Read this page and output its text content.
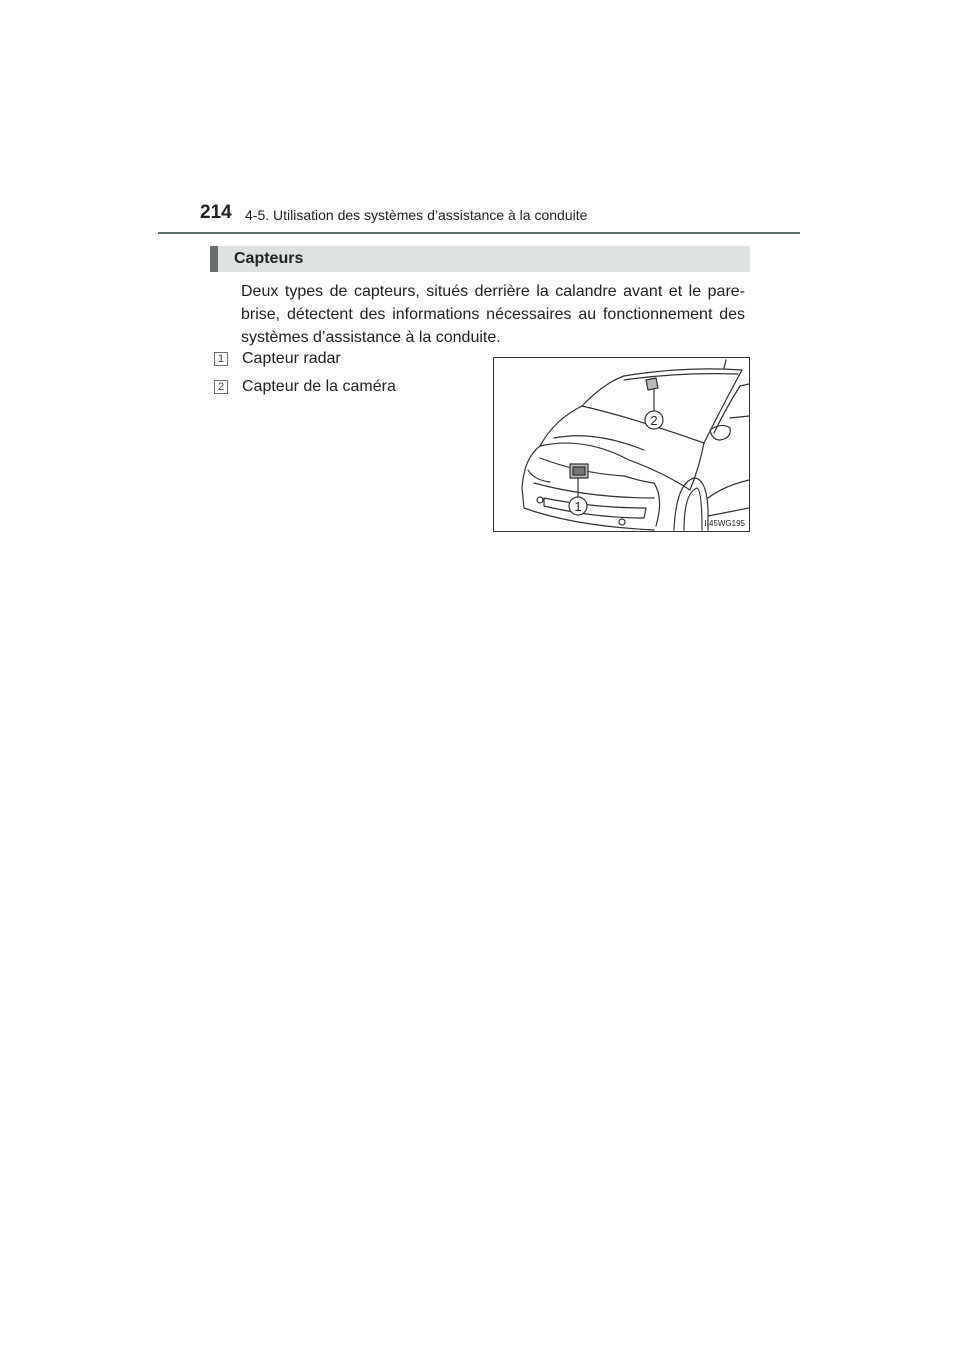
214 4-5. Utilisation des systèmes d’assistance à la conduite
Capteurs
Deux types de capteurs, situés derrière la calandre avant et le pare-brise, détectent des informations nécessaires au fonctionnement des systèmes d’assistance à la conduite.
1 Capteur radar
2 Capteur de la caméra
2
1
II45WG195
